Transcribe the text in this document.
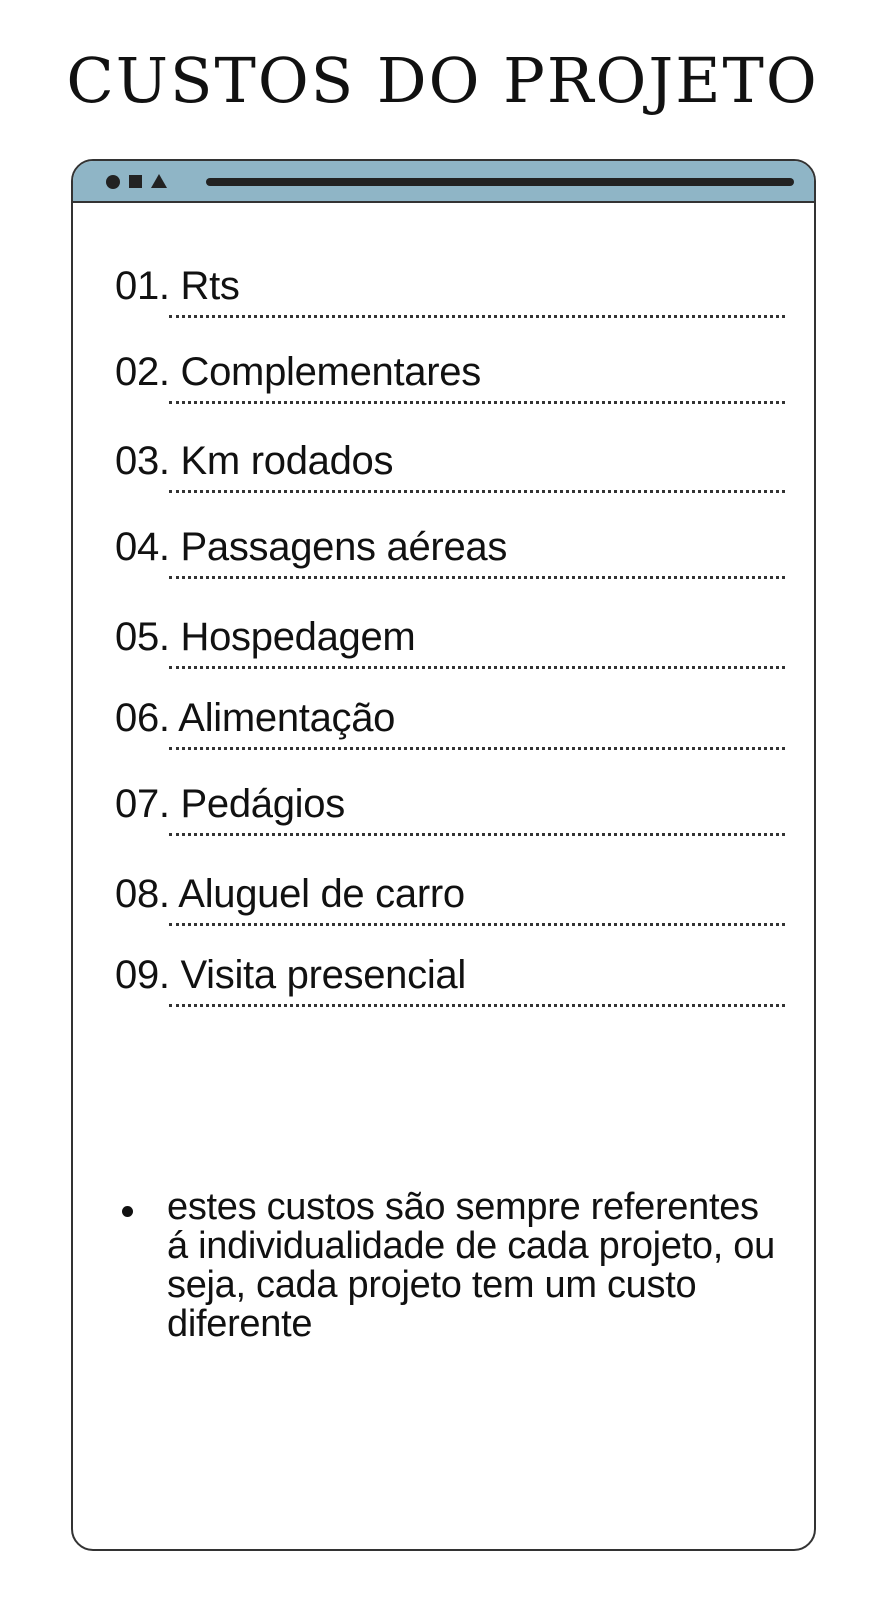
CUSTOS DO PROJETO
01. Rts
02. Complementares
03. Km rodados
04. Passagens aéreas
05. Hospedagem
06. Alimentação
07. Pedágios
08. Aluguel de carro
09. Visita presencial
estes custos são sempre referentes á individualidade de cada projeto, ou seja, cada projeto tem um custo diferente
